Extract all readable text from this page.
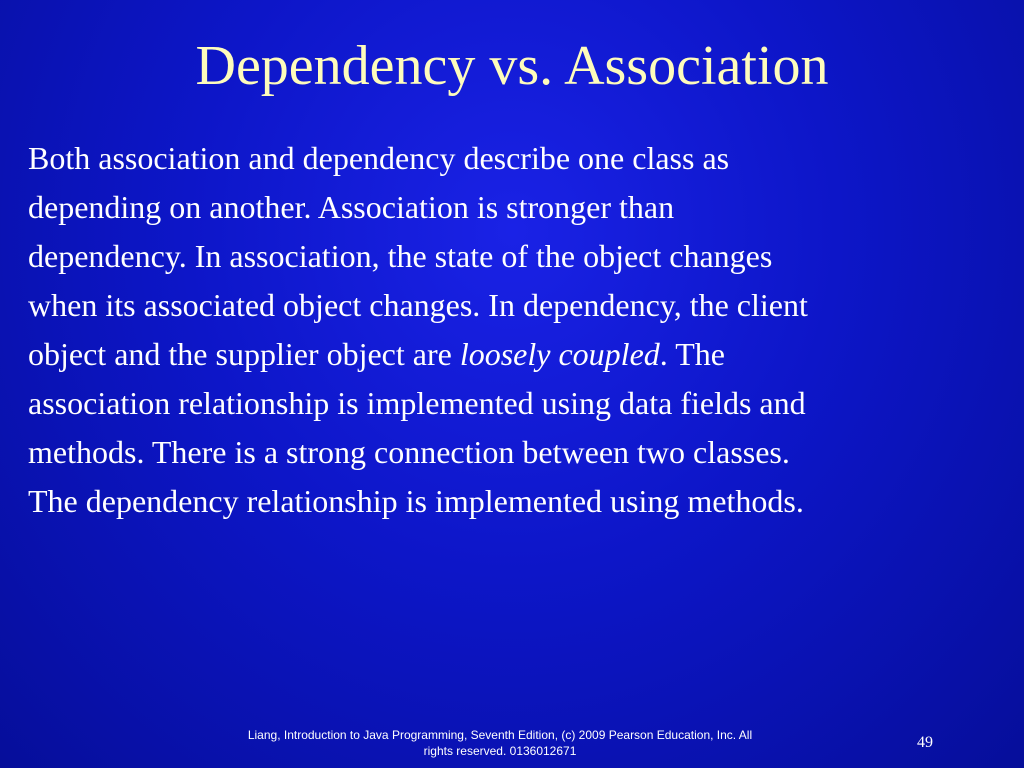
Dependency vs. Association
Both association and dependency describe one class as
depending on another. Association is stronger than
dependency. In association, the state of the object changes
when its associated object changes. In dependency, the client
object and the supplier object are loosely coupled. The
association relationship is implemented using data fields and
methods. There is a strong connection between two classes.
The dependency relationship is implemented using methods.
Liang, Introduction to Java Programming, Seventh Edition, (c) 2009 Pearson Education, Inc. All
rights reserved. 0136012671	49
